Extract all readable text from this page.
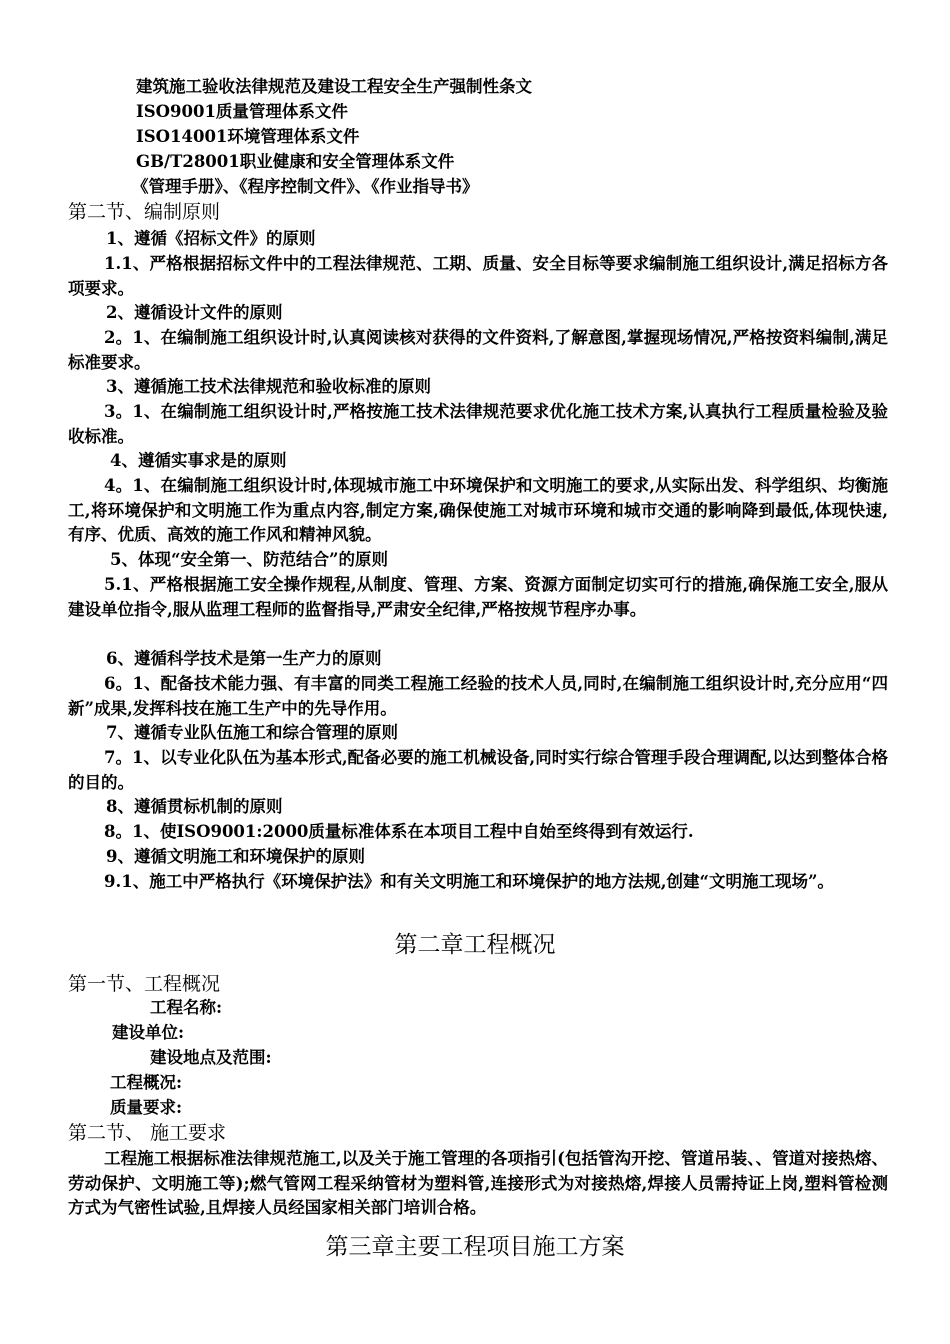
建筑施工验收法律规范及建设工程安全生产强制性条文
ISO9001质量管理体系文件
ISO14001环境管理体系文件
GB/T28001职业健康和安全管理体系文件
《管理手册》、《程序控制文件》、《作业指导书》
第二节、编制原则
1、遵循《招标文件》的原则
1.1、严格根据招标文件中的工程法律规范、工期、质量、安全目标等要求编制施工组织设计,满足招标方各项要求。
2、遵循设计文件的原则
2。1、在编制施工组织设计时,认真阅读核对获得的文件资料,了解意图,掌握现场情况,严格按资料编制,满足标准要求。
3、遵循施工技术法律规范和验收标准的原则
3。1、在编制施工组织设计时,严格按施工技术法律规范要求优化施工技术方案,认真执行工程质量检验及验收标准。
4、遵循实事求是的原则
4。1、在编制施工组织设计时,体现城市施工中环境保护和文明施工的要求,从实际出发、科学组织、均衡施工,将环境保护和文明施工作为重点内容,制定方案,确保使施工对城市环境和城市交通的影响降到最低,体现快速,有序、优质、高效的施工作风和精神风貌。
5、体现“安全第一、防范结合”的原则
5.1、严格根据施工安全操作规程,从制度、管理、方案、资源方面制定切实可行的措施,确保施工安全,服从建设单位指令,服从监理工程师的监督指导,严肃安全纪律,严格按规节程序办事。
6、遵循科学技术是第一生产力的原则
6。1、配备技术能力强、有丰富的同类工程施工经验的技术人员,同时,在编制施工组织设计时,充分应用“四新”成果,发挥科技在施工生产中的先导作用。
7、遵循专业队伍施工和综合管理的原则
7。1、以专业化队伍为基本形式,配备必要的施工机械设备,同时实行综合管理手段合理调配,以达到整体合格的目的。
8、遵循贯标机制的原则
8。1、使ISO9001:2000质量标准体系在本项目工程中自始至终得到有效运行.
9、遵循文明施工和环境保护的原则
9.1、施工中严格执行《环境保护法》和有关文明施工和环境保护的地方法规,创建“文明施工现场”。
第二章工程概况
第一节、工程概况
工程名称:
建设单位:
建设地点及范围:
工程概况:
质量要求:
第二节、 施工要求
工程施工根据标准法律规范施工,以及关于施工管理的各项指引(包括管沟开挖、管道吊装、、管道对接热熔、劳动保护、文明施工等);燃气管网工程采纳管材为塑料管,连接形式为对接热熔,焊接人员需持证上岗,塑料管检测方式为气密性试验,且焊接人员经国家相关部门培训合格。
第三章主要工程项目施工方案
